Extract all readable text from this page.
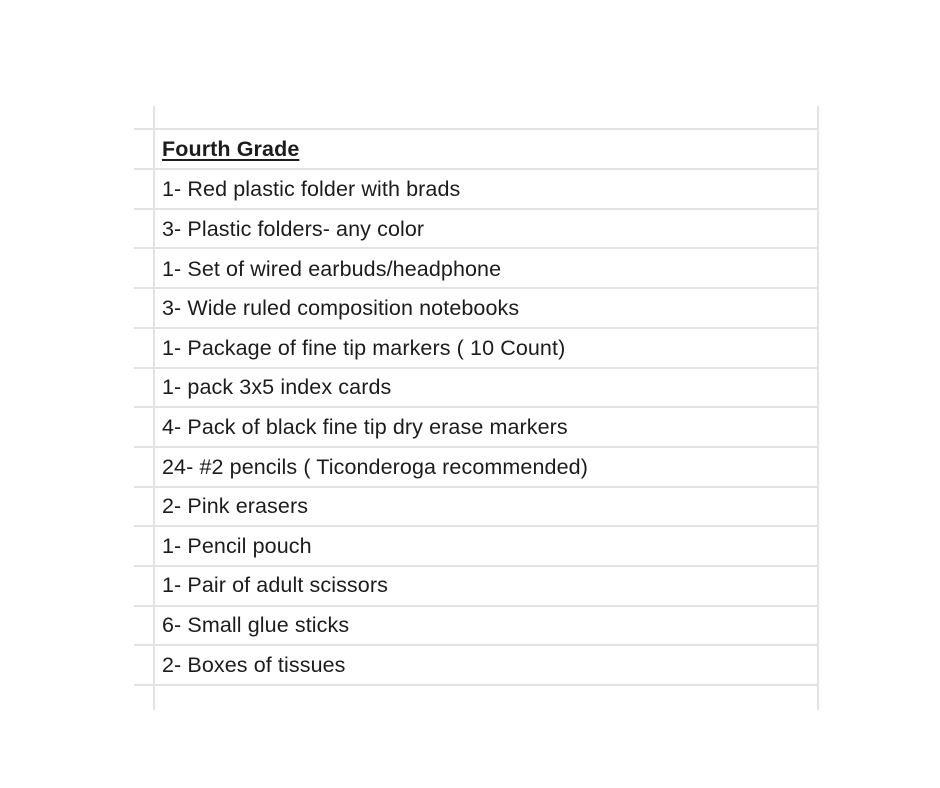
Fourth Grade
1- Red plastic folder with brads
3- Plastic folders- any color
1- Set of wired earbuds/headphone
3- Wide ruled composition notebooks
1- Package of fine tip markers ( 10 Count)
1- pack 3x5 index cards
4- Pack of black fine tip dry erase markers
24- #2 pencils ( Ticonderoga recommended)
2- Pink erasers
1- Pencil pouch
1- Pair of adult scissors
6- Small glue sticks
2- Boxes of tissues
